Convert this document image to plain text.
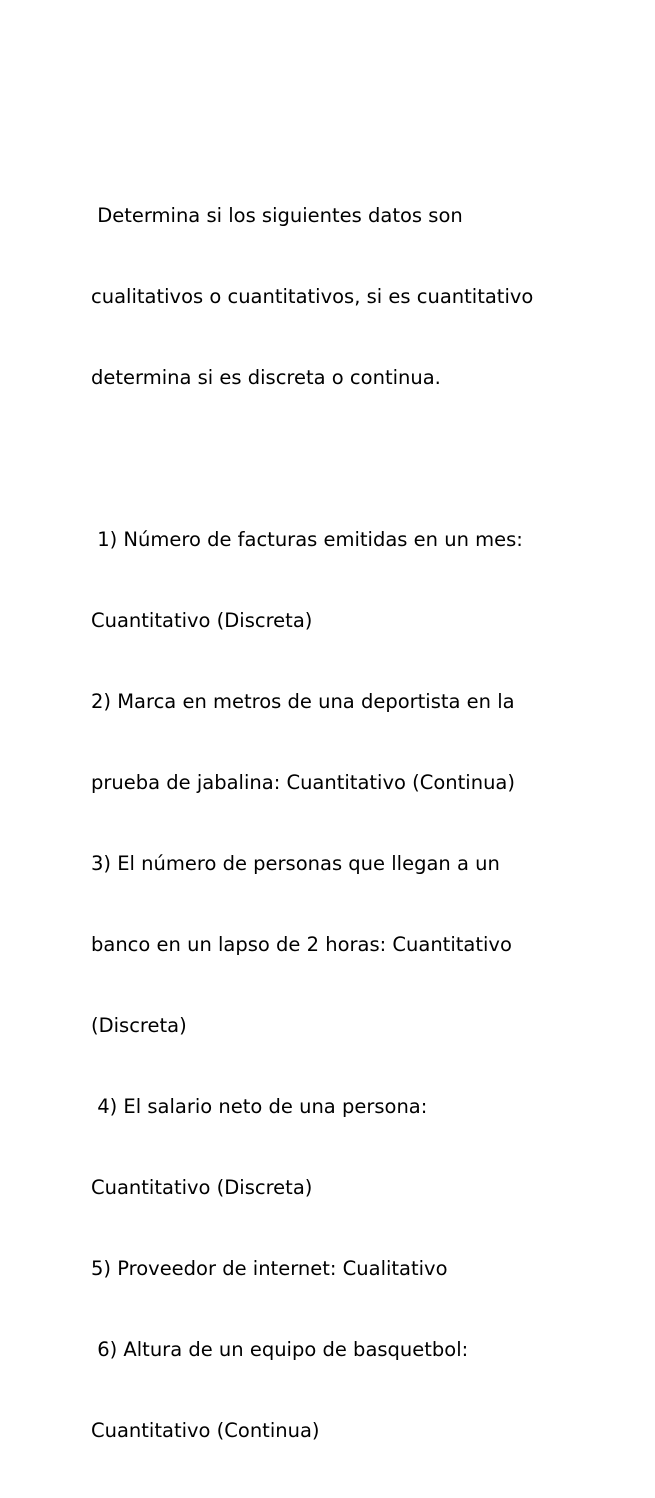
Determina si los siguientes datos son

cualitativos o cuantitativos, si es cuantitativo

determina si es discreta o continua.

1) Número de facturas emitidas en un mes:

Cuantitativo (Discreta)

2) Marca en metros de una deportista en la

prueba de jabalina: Cuantitativo (Continua)

3) El número de personas que llegan a un

banco en un lapso de 2 horas: Cuantitativo

(Discreta)

4) El salario neto de una persona:

Cuantitativo (Discreta)

5) Proveedor de internet: Cualitativo

6) Altura de un equipo de basquetbol:

Cuantitativo (Continua)
